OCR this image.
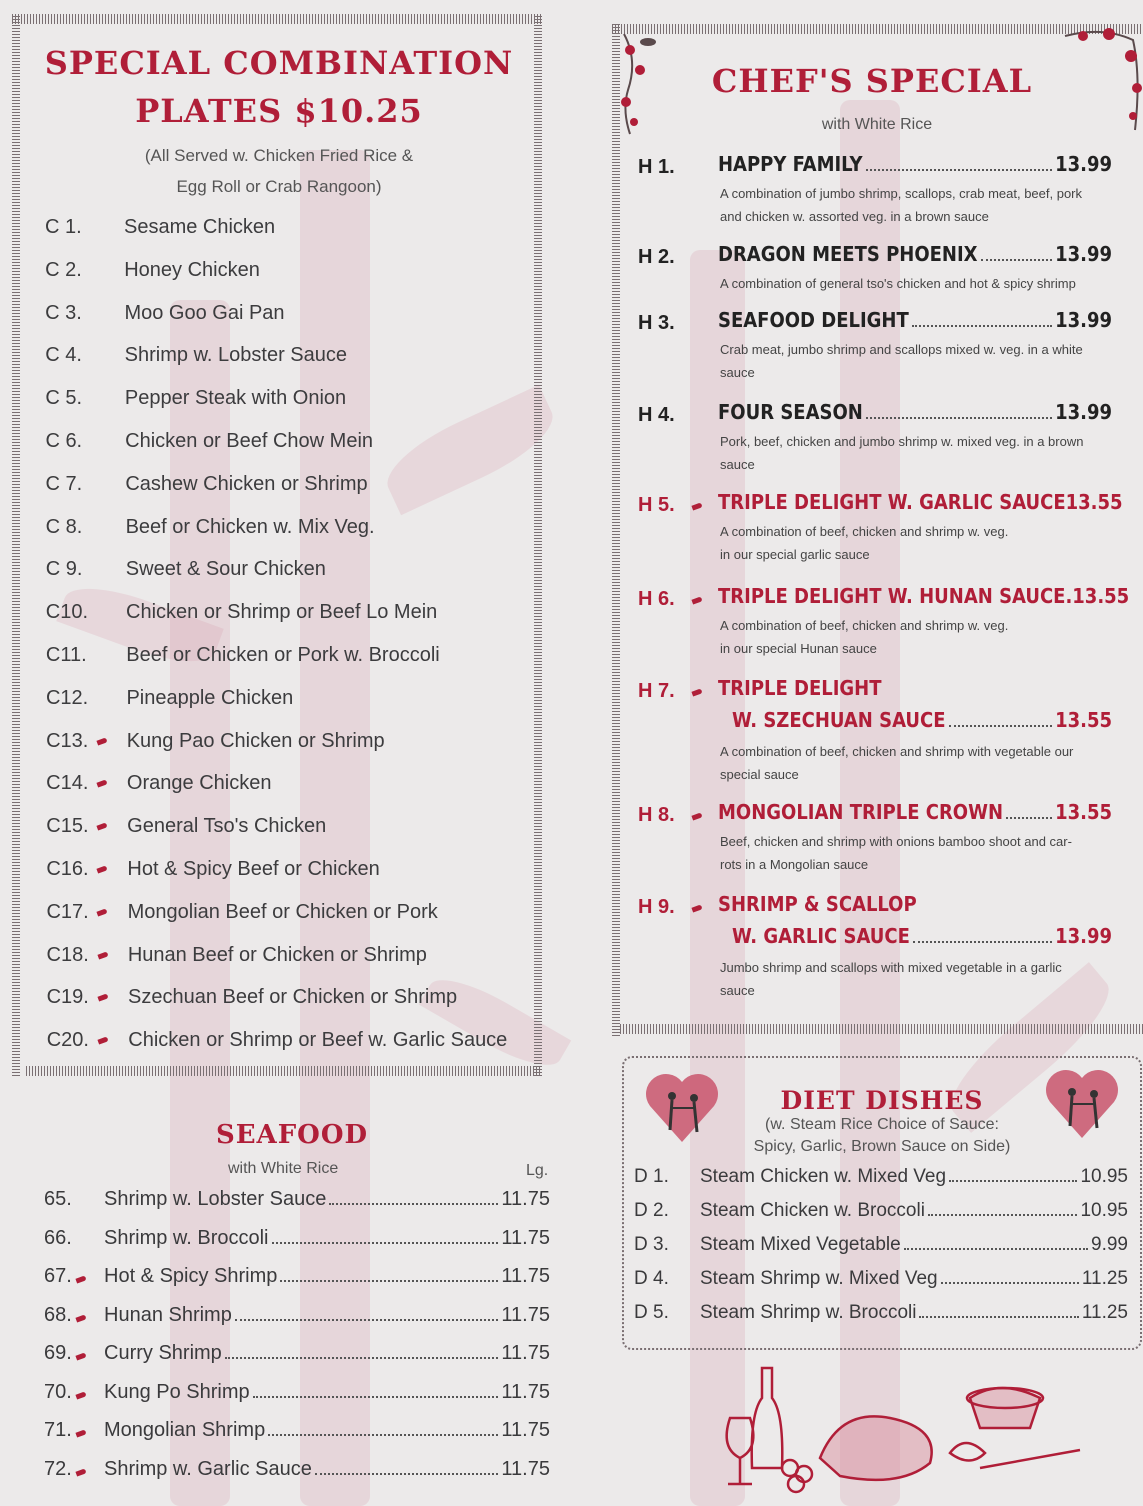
SPECIAL COMBINATION
PLATES $10.25
(All Served w. Chicken Fried Rice &
Egg Roll or Crab Rangoon)
C 1. Sesame Chicken
C 2. Honey Chicken
C 3. Moo Goo Gai Pan
C 4. Shrimp w. Lobster Sauce
C 5. Pepper Steak with Onion
C 6. Chicken or Beef Chow Mein
C 7. Cashew Chicken or Shrimp
C 8. Beef or Chicken w. Mix Veg.
C 9. Sweet & Sour Chicken
C10. Chicken or Shrimp or Beef Lo Mein
C11. Beef or Chicken or Pork w. Broccoli
C12. Pineapple Chicken
C13. Kung Pao Chicken or Shrimp
C14. Orange Chicken
C15. General Tso's Chicken
C16. Hot & Spicy Beef or Chicken
C17. Mongolian Beef or Chicken or Pork
C18. Hunan Beef or Chicken or Shrimp
C19. Szechuan Beef or Chicken or Shrimp
C20. Chicken or Shrimp or Beef w. Garlic Sauce
SEAFOOD
with White Rice	Lg.
65.	Shrimp w. Lobster Sauce	11.75
66.	Shrimp w. Broccoli	11.75
67. Hot & Spicy Shrimp	11.75
68. Hunan Shrimp	11.75
69. Curry Shrimp	11.75
70. Kung Po Shrimp	11.75
71. Mongolian Shrimp	11.75
72. Shrimp w. Garlic Sauce	11.75
CHEF'S SPECIAL
with White Rice
H 1. HAPPY FAMILY	13.99
A combination of jumbo shrimp, scallops, crab meat, beef, pork
and chicken w. assorted veg. in a brown sauce
H 2. DRAGON MEETS PHOENIX	13.99
A combination of general tso's chicken and hot & spicy shrimp
H 3. SEAFOOD DELIGHT	13.99
Crab meat, jumbo shrimp and scallops mixed w. veg. in a white
sauce
H 4. FOUR SEASON	13.99
Pork, beef, chicken and jumbo shrimp w. mixed veg. in a brown
sauce
H 5. TRIPLE DELIGHT W. GARLIC SAUCE 13.55
A combination of beef, chicken and shrimp w. veg.
in our special garlic sauce
H 6. TRIPLE DELIGHT W. HUNAN SAUCE. 13.55
A combination of beef, chicken and shrimp w. veg.
in our special Hunan sauce
H 7. TRIPLE DELIGHT
W. SZECHUAN SAUCE	13.55
A combination of beef, chicken and shrimp with vegetable our
special sauce
H 8. MONGOLIAN TRIPLE CROWN	13.55
Beef, chicken and shrimp with onions bamboo shoot and car-
rots in a Mongolian sauce
H 9. SHRIMP & SCALLOP
W. GARLIC SAUCE	13.99
Jumbo shrimp and scallops with mixed vegetable in a garlic
sauce
DIET DISHES
(w. Steam Rice Choice of Sauce:
Spicy, Garlic, Brown Sauce on Side)
D 1.	Steam Chicken w. Mixed Veg	10.95
D 2.	Steam Chicken w. Broccoli	10.95
D 3.	Steam Mixed Vegetable	9.99
D 4.	Steam Shrimp w. Mixed Veg	11.25
D 5.	Steam Shrimp w. Broccoli	11.25
